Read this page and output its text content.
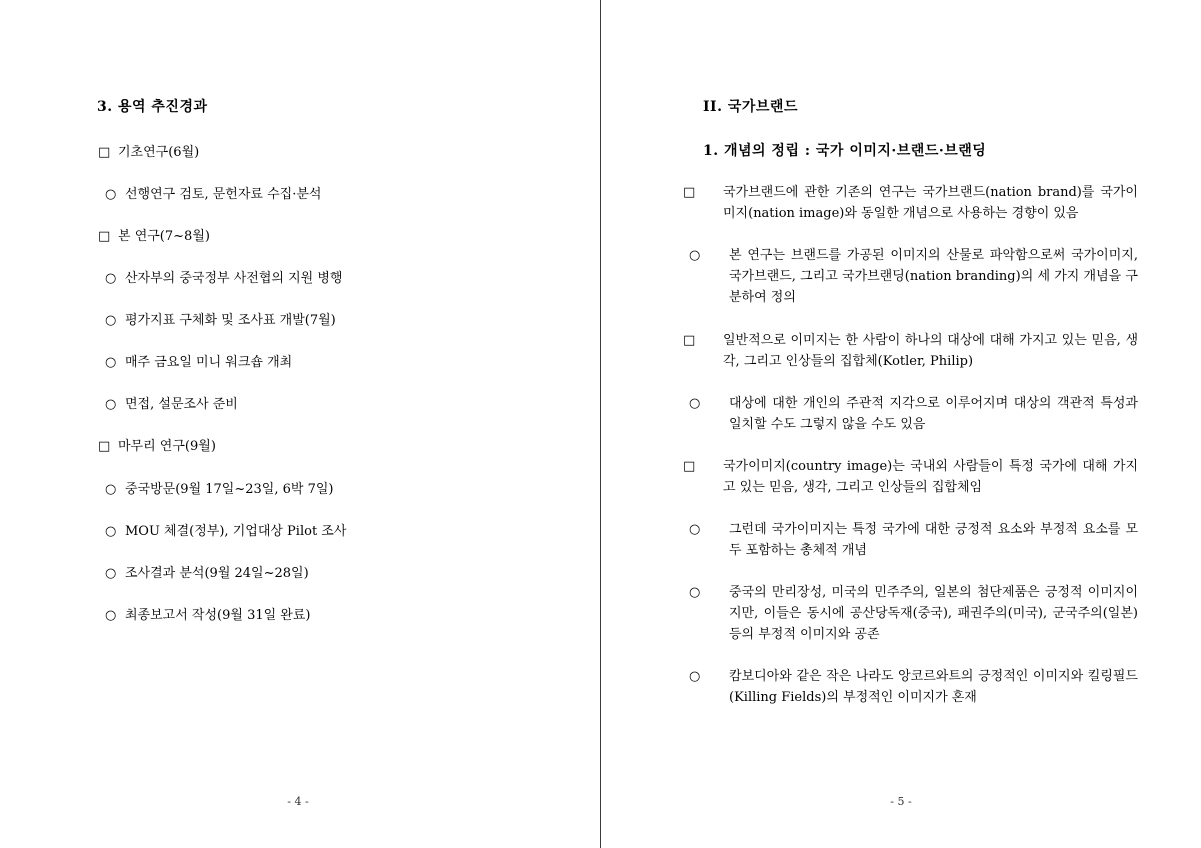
3. 용역 추진경과
□ 기초연구(6월)
○ 선행연구 검토, 문헌자료 수집·분석
□ 본 연구(7~8월)
○ 산자부의 중국정부 사전협의 지원 병행
○ 평가지표 구체화 및 조사표 개발(7월)
○ 매주 금요일 미니 워크숍 개최
○ 면접, 설문조사 준비
□ 마무리 연구(9월)
○ 중국방문(9월 17일~23일, 6박 7일)
○ MOU 체결(정부), 기업대상 Pilot 조사
○ 조사결과 분석(9월 24일~28일)
○ 최종보고서 작성(9월 31일 완료)
- 4 -
II. 국가브랜드
1. 개념의 정립 : 국가 이미지·브랜드·브랜딩
□ 국가브랜드에 관한 기존의 연구는 국가브랜드(nation brand)를 국가이미지(nation image)와 동일한 개념으로 사용하는 경향이 있음
○ 본 연구는 브랜드를 가공된 이미지의 산물로 파악함으로써 국가이미지, 국가브랜드, 그리고 국가브랜딩(nation branding)의 세 가지 개념을 구분하여 정의
□ 일반적으로 이미지는 한 사람이 하나의 대상에 대해 가지고 있는 믿음, 생각, 그리고 인상들의 집합체(Kotler, Philip)
○ 대상에 대한 개인의 주관적 지각으로 이루어지며 대상의 객관적 특성과 일치할 수도 그렇지 않을 수도 있음
□ 국가이미지(country image)는 국내외 사람들이 특정 국가에 대해 가지고 있는 믿음, 생각, 그리고 인상들의 집합체임
○ 그런데 국가이미지는 특정 국가에 대한 긍정적 요소와 부정적 요소를 모두 포함하는 총체적 개념
○ 중국의 만리장성, 미국의 민주주의, 일본의 첨단제품은 긍정적 이미지이지만, 이들은 동시에 공산당독재(중국), 패권주의(미국), 군국주의(일본) 등의 부정적 이미지와 공존
○ 캄보디아와 같은 작은 나라도 앙코르와트의 긍정적인 이미지와 킬링필드(Killing Fields)의 부정적인 이미지가 혼재
- 5 -
